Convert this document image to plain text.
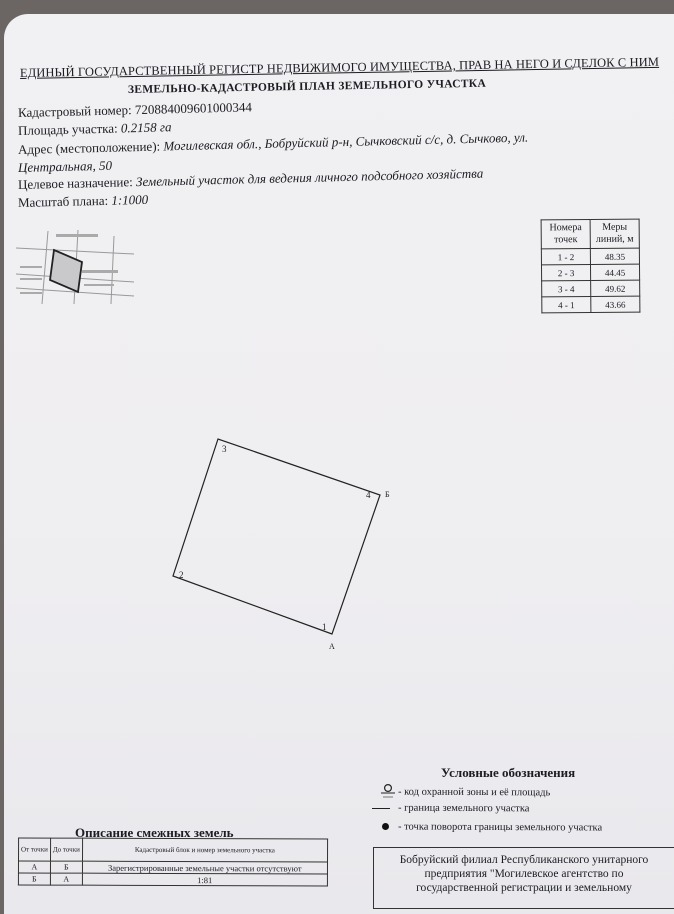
ЕДИНЫЙ ГОСУДАРСТВЕННЫЙ РЕГИСТР НЕДВИЖИМОГО ИМУЩЕСТВА, ПРАВ НА НЕГО И СДЕЛОК С НИМ
ЗЕМЕЛЬНО-КАДАСТРОВЫЙ ПЛАН ЗЕМЕЛЬНОГО УЧАСТКА
Кадастровый номер: 720884009601000344
Площадь участка: 0.2158 га
Адрес (местоположение): Могилевская обл., Бобруйский р-н, Сычковский с/с, д. Сычково, ул.
Центральная, 50
Целевое назначение: Земельный участок для ведения личного подсобного хозяйства
Масштаб плана: 1:1000
Номера точек	Меры линий, м
1 - 2	48.35
2 - 3	44.45
3 - 4	49.62
4 - 1	43.66
1
2
3
4
А
Б
Условные обозначения
- код охранной зоны и её площадь
- граница земельного участка
- точка поворота границы земельного участка
Описание смежных земель
От точки	До точки	Кадастровый блок и номер земельного участка
А	Б	Зарегистрированные земельные участки отсутствуют
Б	А	1:81
Бобруйский филиал Республиканского унитарного
предприятия "Могилевское агентство по
государственной регистрации и земельному
